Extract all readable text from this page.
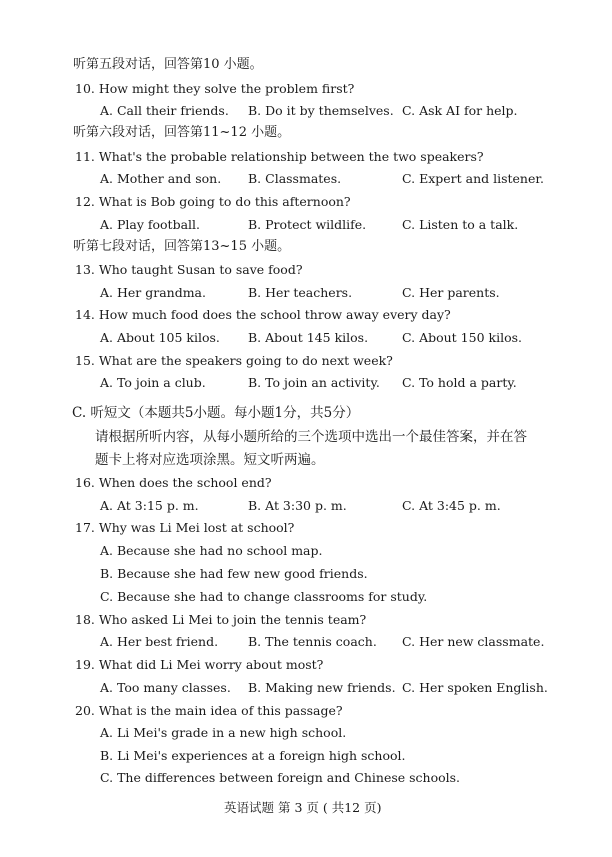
听第五段对话，回答第10 小题。
10. How might they solve the problem first?
A. Call their friends. B. Do it by themselves. C. Ask AI for help.
听第六段对话，回答第11~12 小题。
11. What's the probable relationship between the two speakers?
A. Mother and son. B. Classmates.	C. Expert and listener.
12. What is Bob going to do this afternoon?
A. Play football.	B. Protect wildlife.	C. Listen to a talk.
听第七段对话，回答第13~15 小题。
13. Who taught Susan to save food?
A. Her grandma.	B. Her teachers.	C. Her parents.
14. How much food does the school throw away every day?
A. About 105 kilos. B. About 145 kilos.	C. About 150 kilos.
15. What are the speakers going to do next week?
A. To join a club.	B. To join an activity. C. To hold a party.
C. 听短文（本题共5小题。每小题1分，共5分）
请根据所听内容，从每小题所给的三个选项中选出一个最佳答案，并在答
题卡上将对应选项涂黑。短文听两遍。
16. When does the school end?
A. At 3:15 p. m.	B. At 3:30 p. m.	C. At 3:45 p. m.
17. Why was Li Mei lost at school?
A. Because she had no school map.
B. Because she had few new good friends.
C. Because she had to change classrooms for study.
18. Who asked Li Mei to join the tennis team?
A. Her best friend. B. The tennis coach. C. Her new classmate.
19. What did Li Mei worry about most?
A. Too many classes. B. Making new friends. C. Her spoken English.
20. What is the main idea of this passage?
A. Li Mei's grade in a new high school.
B. Li Mei's experiences at a foreign high school.
C. The differences between foreign and Chinese schools.
英语试题 第 3 页 ( 共12 页)
